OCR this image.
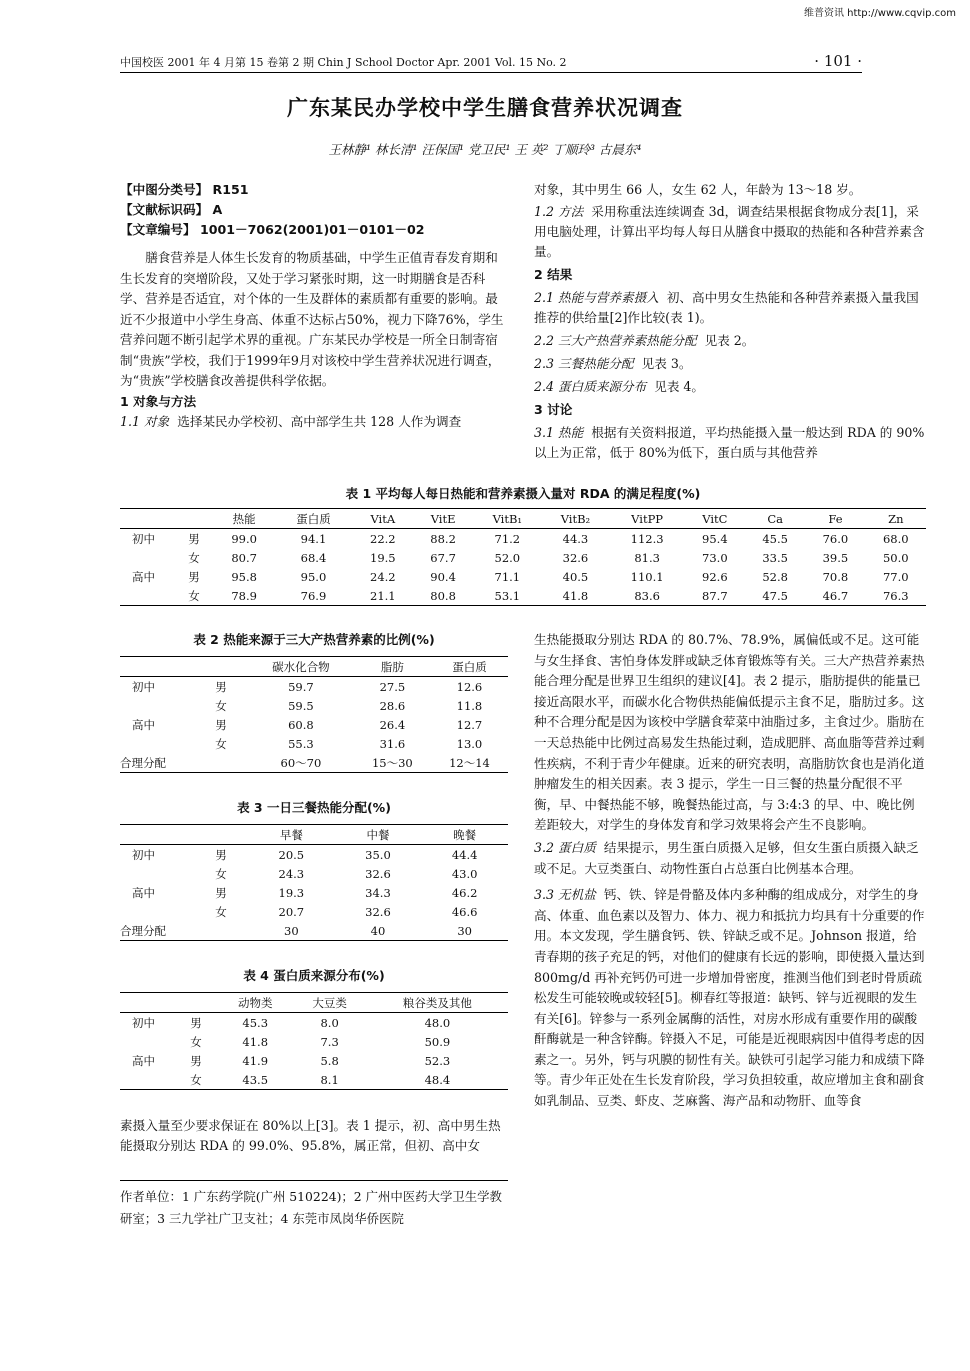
维普资讯 http://www.cqvip.com
中国校医 2001 年 4 月第 15 卷第 2 期 Chin J School Doctor Apr. 2001 Vol. 15 No. 2	· 101 ·
广东某民办学校中学生膳食营养状况调查
王林静¹ 林长清¹ 汪保国¹ 党卫民¹ 王 英² 丁顺玲³ 古晨东⁴

【中图分类号】 R151

【文献标识码】 A

【文章编号】 1001－7062(2001)01－0101－02

膳食营养是人体生长发育的物质基础，中学生正值青春发育期和生长发育的突增阶段，又处于学习紧张时期，这一时期膳食是否科学、营养是否适宜，对个体的一生及群体的素质都有重要的影响。最近不少报道中小学生身高、体重不达标占50%，视力下降76%，学生营养问题不断引起学术界的重视。广东某民办学校是一所全日制寄宿制“贵族”学校，我们于1999年9月对该校中学生营养状况进行调查，为“贵族”学校膳食改善提供科学依据。

1 对象与方法

1.1 对象 选择某民办学校初、高中部学生共 128 人作为调查

对象，其中男生 66 人，女生 62 人，年龄为 13～18 岁。

1.2 方法 采用称重法连续调查 3d，调查结果根据食物成分表[1]，采用电脑处理，计算出平均每人每日从膳食中摄取的热能和各种营养素含量。

2 结果

2.1 热能与营养素摄入 初、高中男女生热能和各种营养素摄入量我国推荐的供给量[2]作比较(表 1)。

2.2 三大产热营养素热能分配 见表 2。

2.3 三餐热能分配 见表 3。

2.4 蛋白质来源分布 见表 4。

3 讨论

3.1 热能 根据有关资料报道，平均热能摄入量一般达到 RDA 的 90%以上为正常，低于 80%为低下，蛋白质与其他营养

表 1 平均每人每日热能和营养素摄入量对 RDA 的满足程度(%)
		热能	蛋白质	VitA	VitE	VitB₁	VitB₂	VitPP	VitC	Ca	Fe	Zn
初中	男	99.0	94.1	22.2	88.2	71.2	44.3	112.3	95.4	45.5	76.0	68.0
	女	80.7	68.4	19.5	67.7	52.0	32.6	81.3	73.0	33.5	39.5	50.0
高中	男	95.8	95.0	24.2	90.4	71.1	40.5	110.1	92.6	52.8	70.8	77.0
	女	78.9	76.9	21.1	80.8	53.1	41.8	83.6	87.7	47.5	46.7	76.3
表 2 热能来源于三大产热营养素的比例(%)
		碳水化合物	脂肪	蛋白质
初中	男	59.7	27.5	12.6
	女	59.5	28.6	11.8
高中	男	60.8	26.4	12.7
	女	55.3	31.6	13.0
合理分配		60～70	15～30	12～14
表 3 一日三餐热能分配(%)
		早餐	中餐	晚餐
初中	男	20.5	35.0	44.4
	女	24.3	32.6	43.0
高中	男	19.3	34.3	46.2
	女	20.7	32.6	46.6
合理分配		30	40	30
表 4 蛋白质来源分布(%)
		动物类	大豆类	粮谷类及其他
初中	男	45.3	8.0	48.0
	女	41.8	7.3	50.9
高中	男	41.9	5.8	52.3
	女	43.5	8.1	48.4

素摄入量至少要求保证在 80%以上[3]。表 1 提示，初、高中男生热能摄取分别达 RDA 的 99.0%、95.8%，属正常，但初、高中女

生热能摄取分别达 RDA 的 80.7%、78.9%，属偏低或不足。这可能与女生择食、害怕身体发胖或缺乏体育锻炼等有关。三大产热营养素热能合理分配是世界卫生组织的建议[4]。表 2 提示，脂肪提供的能量已接近高限水平，而碳水化合物供热能偏低提示主食不足，脂肪过多。这种不合理分配是因为该校中学膳食荤菜中油脂过多，主食过少。脂肪在一天总热能中比例过高易发生热能过剩，造成肥胖、高血脂等营养过剩性疾病，不利于青少年健康。近来的研究表明，高脂肪饮食也是消化道肿瘤发生的相关因素。表 3 提示，学生一日三餐的热量分配很不平衡，早、中餐热能不够，晚餐热能过高，与 3:4:3 的早、中、晚比例差距较大，对学生的身体发育和学习效果将会产生不良影响。

3.2 蛋白质 结果提示，男生蛋白质摄入足够，但女生蛋白质摄入缺乏或不足。大豆类蛋白、动物性蛋白占总蛋白比例基本合理。

3.3 无机盐 钙、铁、锌是骨骼及体内多种酶的组成成分，对学生的身高、体重、血色素以及智力、体力、视力和抵抗力均具有十分重要的作用。本文发现，学生膳食钙、铁、锌缺乏或不足。Johnson 报道，给青春期的孩子充足的钙，对他们的健康有长远的影响，即使摄入量达到 800mg/d 再补充钙仍可进一步增加骨密度，推测当他们到老时骨质疏松发生可能较晚或较轻[5]。柳春红等报道：缺钙、锌与近视眼的发生有关[6]。锌参与一系列金属酶的活性，对房水形成有重要作用的碳酸酐酶就是一种含锌酶。锌摄入不足，可能是近视眼病因中值得考虑的因素之一。另外，钙与巩膜的韧性有关。缺铁可引起学习能力和成绩下降等。青少年正处在生长发育阶段，学习负担较重，故应增加主食和副食如乳制品、豆类、虾皮、芝麻酱、海产品和动物肝、血等食

作者单位：1 广东药学院(广州 510224)；2 广州中医药大学卫生学教研室；3 三九学社广卫支社；4 东莞市凤岗华侨医院
